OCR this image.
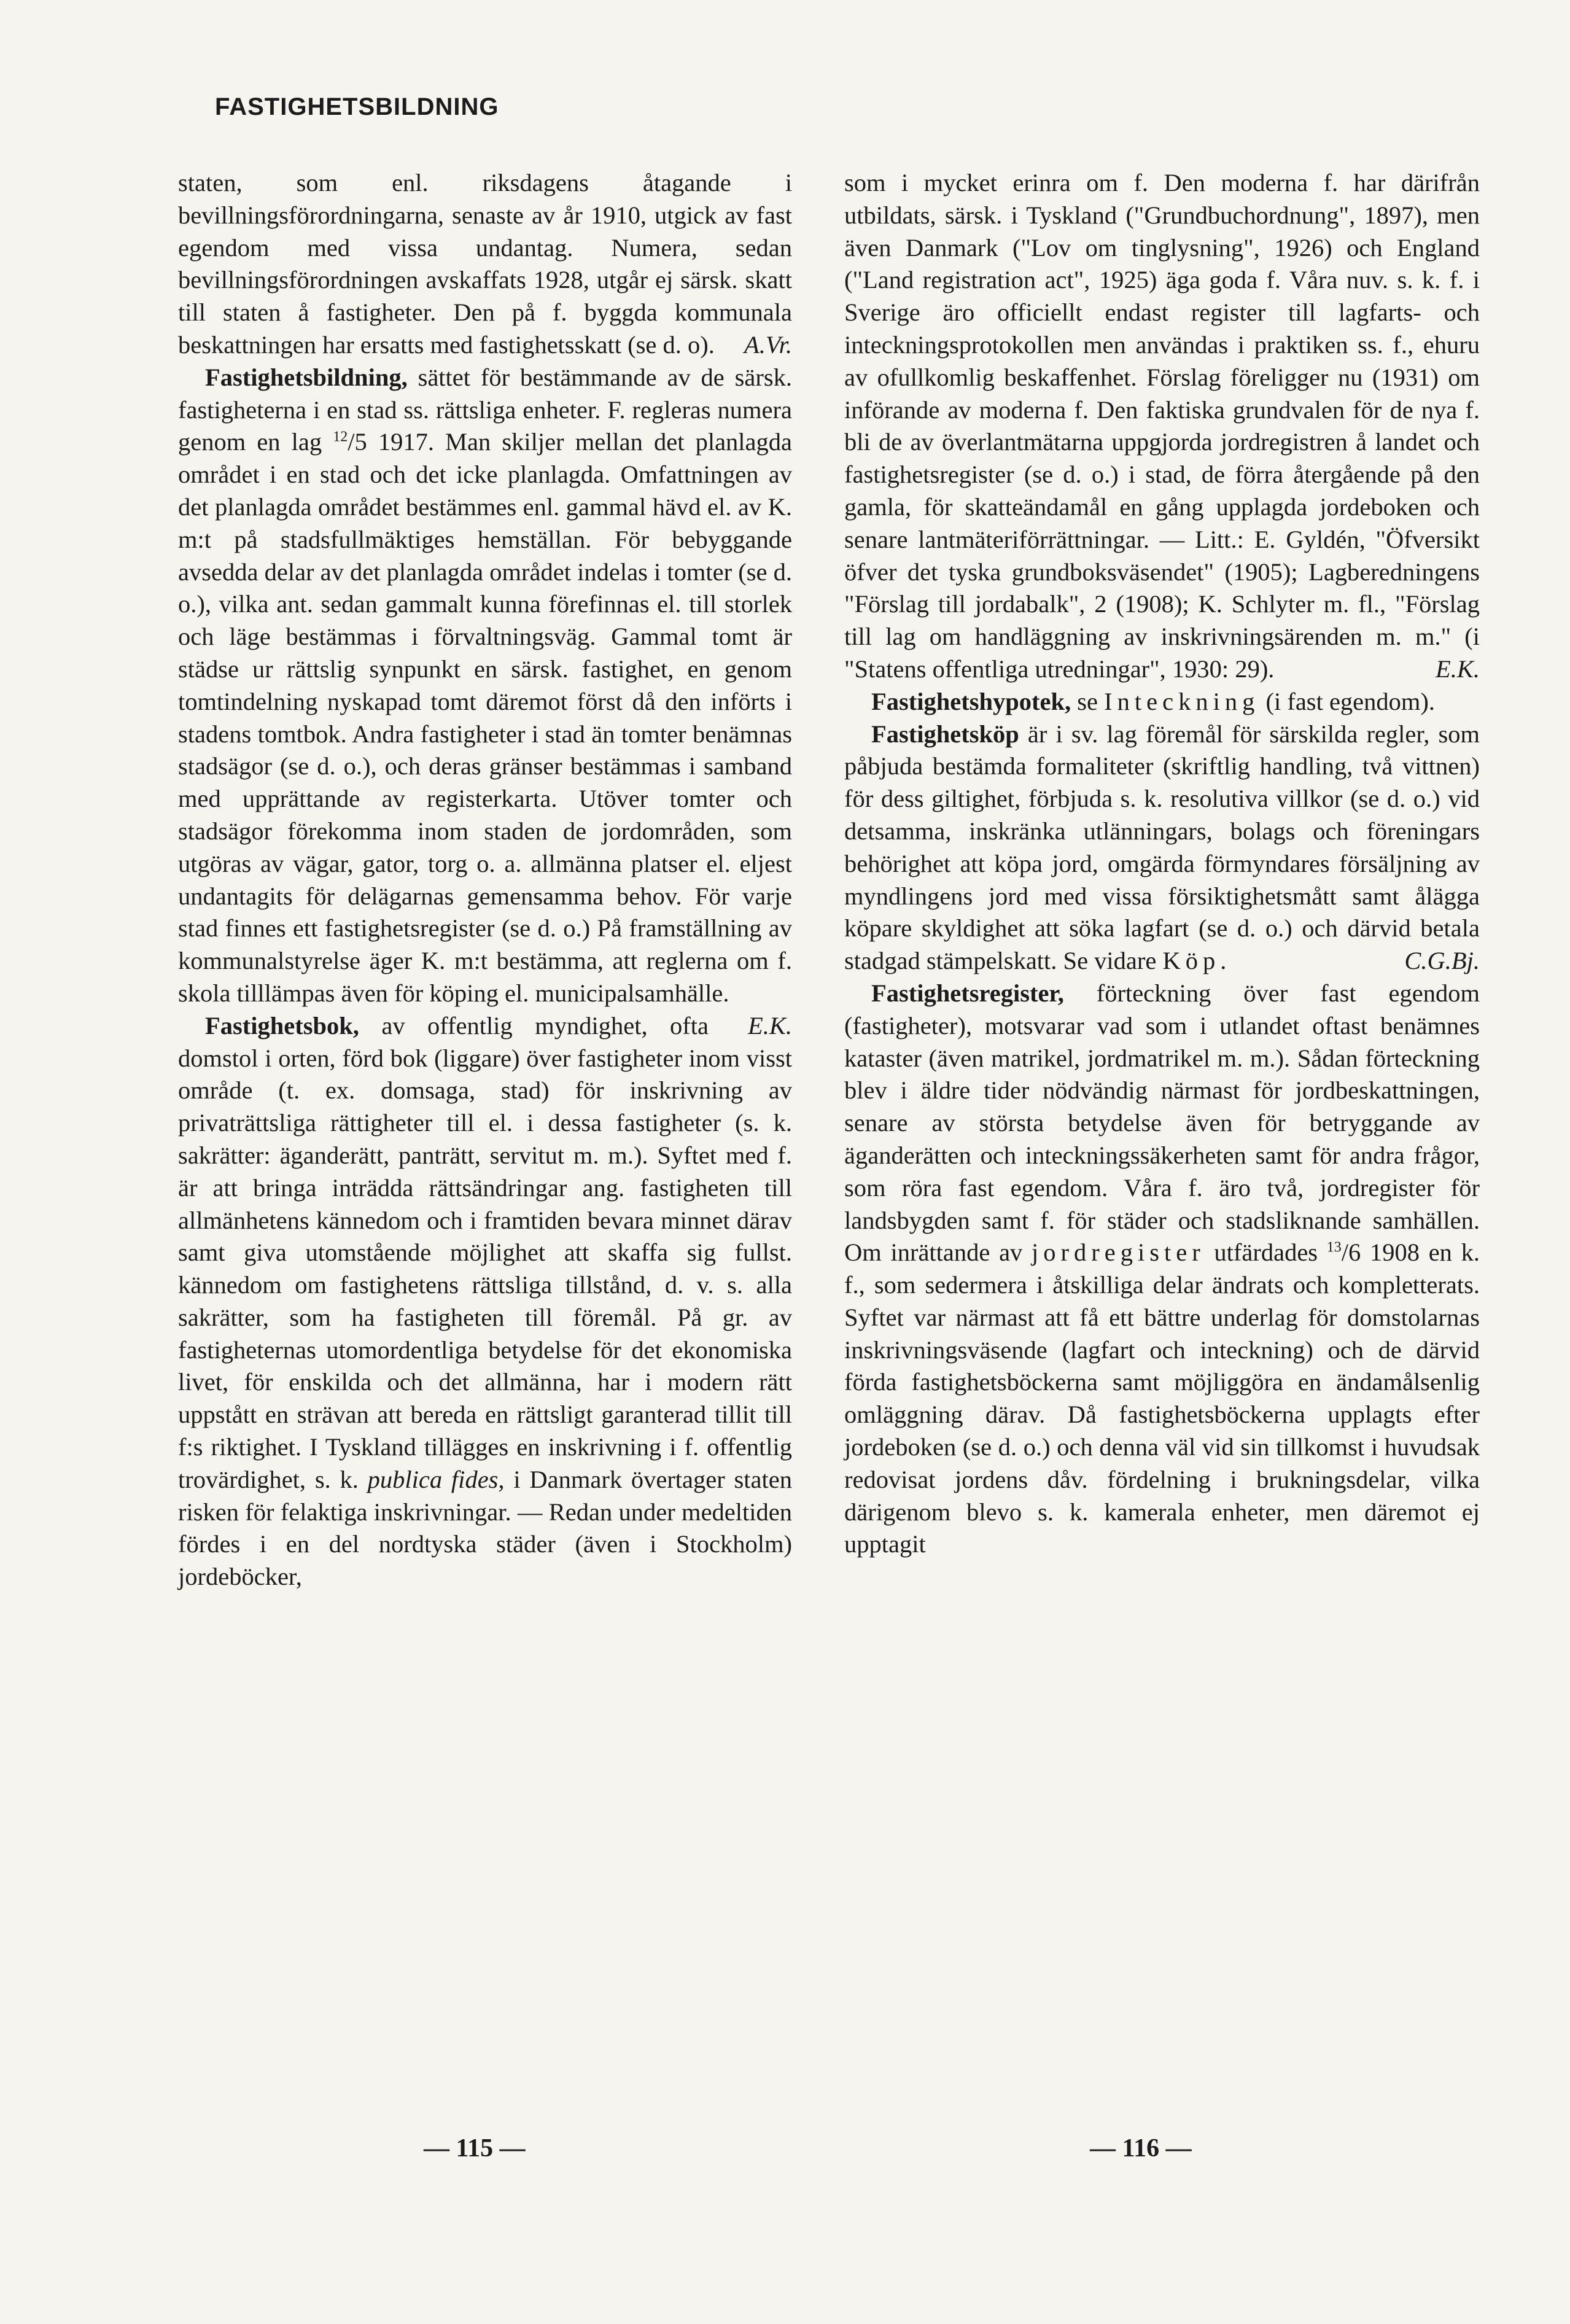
FASTIGHETSBILDNING

staten, som enl. riksdagens åtagande i bevillningsförordningarna, senaste av år 1910, utgick av fast egendom med vissa undantag. Numera, sedan bevillningsförordningen avskaffats 1928, utgår ej särsk. skatt till staten å fastigheter. Den på f. byggda kommunala beskattningen har ersatts med fastighetsskatt (se d. o).	A.Vr.

Fastighetsbildning, sättet för bestämmande av de särsk. fastigheterna i en stad ss. rättsliga enheter. F. regleras numera genom en lag $^{12}$/5 1917. Man skiljer mellan det planlagda området i en stad och det icke planlagda. Omfattningen av det planlagda området bestämmes enl. gammal hävd el. av K. m:t på stadsfullmäktiges hemställan. För bebyggande avsedda delar av det planlagda området indelas i tomter (se d. o.), vilka ant. sedan gammalt kunna förefinnas el. till storlek och läge bestämmas i förvaltningsväg. Gammal tomt är städse ur rättslig synpunkt en särsk. fastighet, en genom tomtindelning nyskapad tomt däremot först då den införts i stadens tomtbok. Andra fastigheter i stad än tomter benämnas stadsägor (se d. o.), och deras gränser bestämmas i samband med upprättande av registerkarta. Utöver tomter och stadsägor förekomma inom staden de jordområden, som utgöras av vägar, gator, torg o. a. allmänna platser el. eljest undantagits för delägarnas gemensamma behov. För varje stad finnes ett fastighetsregister (se d. o.) På framställning av kommunalstyrelse äger K. m:t bestämma, att reglerna om f. skola tilllämpas även för köping el. municipalsamhälle.
E.K.

Fastighetsbok, av offentlig myndighet, ofta domstol i orten, förd bok (liggare) över fastigheter inom visst område (t. ex. domsaga, stad) för inskrivning av privaträttsliga rättigheter till el. i dessa fastigheter (s. k. sakrätter: äganderätt, panträtt, servitut m. m.). Syftet med f. är att bringa inträdda rättsändringar ang. fastigheten till allmänhetens kännedom och i framtiden bevara minnet därav samt giva utomstående möjlighet att skaffa sig fullst. kännedom om fastighetens rättsliga tillstånd, d. v. s. alla sakrätter, som ha fastigheten till föremål. På gr. av fastigheternas utomordentliga betydelse för det ekonomiska livet, för enskilda och det allmänna, har i modern rätt uppstått en strävan att bereda en rättsligt garanterad tillit till f:s riktighet. I Tyskland tillägges en inskrivning i f. offentlig trovärdighet, s. k. publica fides, i Danmark övertager staten risken för felaktiga inskrivningar. — Redan under medeltiden fördes i en del nordtyska städer (även i Stockholm) jordeböcker,

som i mycket erinra om f. Den moderna f. har därifrån utbildats, särsk. i Tyskland ("Grundbuchordnung", 1897), men även Danmark ("Lov om tinglysning", 1926) och England ("Land registration act", 1925) äga goda f. Våra nuv. s. k. f. i Sverige äro officiellt endast register till lagfarts- och inteckningsprotokollen men användas i praktiken ss. f., ehuru av ofullkomlig beskaffenhet. Förslag föreligger nu (1931) om införande av moderna f. Den faktiska grundvalen för de nya f. bli de av överlantmätarna uppgjorda jordregistren å landet och fastighetsregister (se d. o.) i stad, de förra återgående på den gamla, för skatteändamål en gång upplagda jordeboken och senare lantmäteriförrättningar. — Litt.: E. Gyldén, "Öfversikt öfver det tyska grundboksväsendet" (1905); Lagberedningens "Förslag till jordabalk", 2 (1908); K. Schlyter m. fl., "Förslag till lag om handläggning av inskrivningsärenden m. m." (i "Statens offentliga utredningar", 1930: 29).	E.K.

Fastighetshypotek, se Inteckning (i fast egendom).

Fastighetsköp är i sv. lag föremål för särskilda regler, som påbjuda bestämda formaliteter (skriftlig handling, två vittnen) för dess giltighet, förbjuda s. k. resolutiva villkor (se d. o.) vid detsamma, inskränka utlänningars, bolags och föreningars behörighet att köpa jord, omgärda förmyndares försäljning av myndlingens jord med vissa försiktighetsmått samt ålägga köpare skyldighet att söka lagfart (se d. o.) och därvid betala stadgad stämpelskatt. Se vidare Köp.	C.G.Bj.

Fastighetsregister, förteckning över fast egendom (fastigheter), motsvarar vad som i utlandet oftast benämnes kataster (även matrikel, jordmatrikel m. m.). Sådan förteckning blev i äldre tider nödvändig närmast för jordbeskattningen, senare av största betydelse även för betryggande av äganderätten och inteckningssäkerheten samt för andra frågor, som röra fast egendom. Våra f. äro två, jordregister för landsbygden samt f. för städer och stadsliknande samhällen. Om inrättande av jordregister utfärdades $^{13}$/6 1908 en k. f., som sedermera i åtskilliga delar ändrats och kompletterats. Syftet var närmast att få ett bättre underlag för domstolarnas inskrivningsväsende (lagfart och inteckning) och de därvid förda fastighetsböckerna samt möjliggöra en ändamålsenlig omläggning därav. Då fastighetsböckerna upplagts efter jordeboken (se d. o.) och denna väl vid sin tillkomst i huvudsak redovisat jordens dåv. fördelning i brukningsdelar, vilka därigenom blevo s. k. kamerala enheter, men däremot ej upptagit

— 115 —	— 116 —
